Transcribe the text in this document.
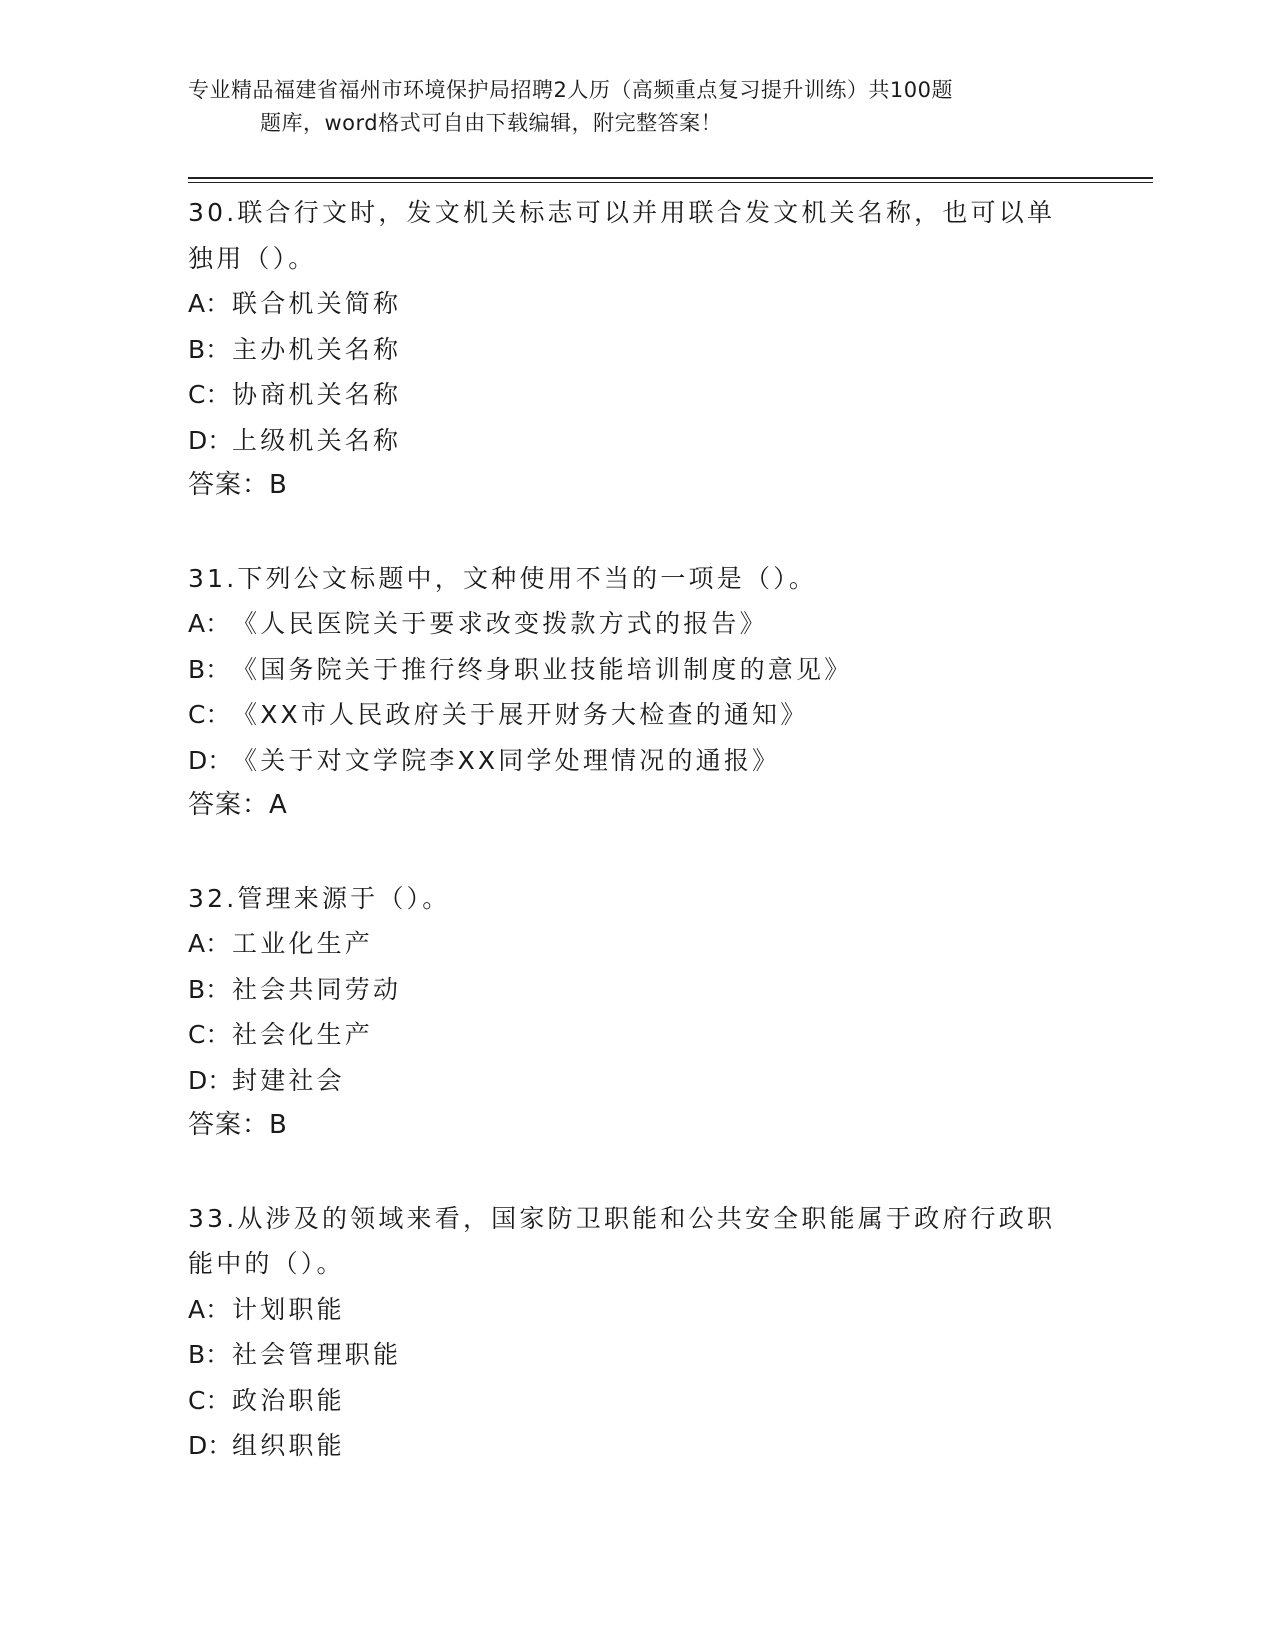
专业精品福建省福州市环境保护局招聘2人历（高频重点复习提升训练）共100题
题库，word格式可自由下载编辑，附完整答案！
30.联合行文时，发文机关标志可以并用联合发文机关名称，也可以单
独用（）。
A：联合机关简称
B：主办机关名称
C：协商机关名称
D：上级机关名称
答案：B
31.下列公文标题中，文种使用不当的一项是（）。
A：《人民医院关于要求改变拨款方式的报告》
B：《国务院关于推行终身职业技能培训制度的意见》
C：《XX市人民政府关于展开财务大检查的通知》
D：《关于对文学院李XX同学处理情况的通报》
答案：A
32.管理来源于（）。
A：工业化生产
B：社会共同劳动
C：社会化生产
D：封建社会
答案：B
33.从涉及的领域来看，国家防卫职能和公共安全职能属于政府行政职
能中的（）。
A：计划职能
B：社会管理职能
C：政治职能
D：组织职能
